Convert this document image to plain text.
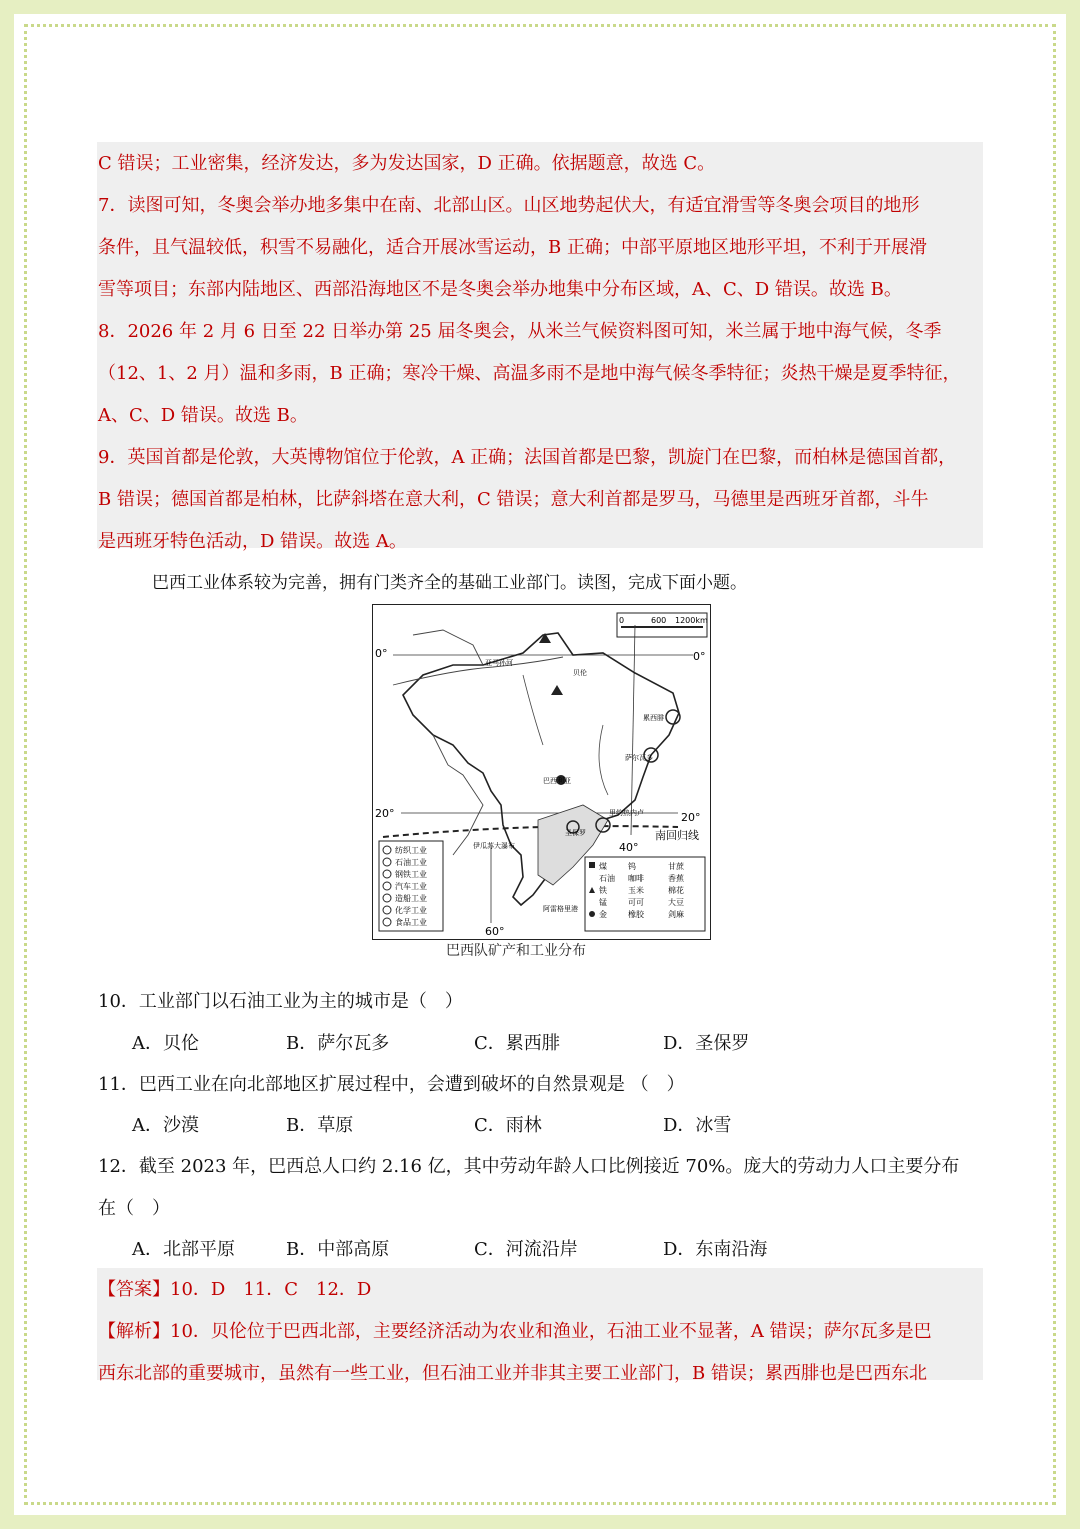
C 错误；工业密集，经济发达，多为发达国家，D 正确。依据题意，故选 C。
7．读图可知，冬奥会举办地多集中在南、北部山区。山区地势起伏大，有适宜滑雪等冬奥会项目的地形
条件，且气温较低，积雪不易融化，适合开展冰雪运动，B 正确；中部平原地区地形平坦，不利于开展滑
雪等项目；东部内陆地区、西部沿海地区不是冬奥会举办地集中分布区域，A、C、D 错误。故选 B。
8．2026 年 2 月 6 日至 22 日举办第 25 届冬奥会，从米兰气候资料图可知，米兰属于地中海气候，冬季
（12、1、2 月）温和多雨，B 正确；寒冷干燥、高温多雨不是地中海气候冬季特征；炎热干燥是夏季特征，
A、C、D 错误。故选 B。
9．英国首都是伦敦，大英博物馆位于伦敦，A 正确；法国首都是巴黎，凯旋门在巴黎，而柏林是德国首都，
B 错误；德国首都是柏林，比萨斜塔在意大利，C 错误；意大利首都是罗马，马德里是西班牙首都，斗牛
是西班牙特色活动，D 错误。故选 A。
巴西工业体系较为完善，拥有门类齐全的基础工业部门。读图，完成下面小题。
0	600 1200km
0°	0°
20°	20°
南回归线
40°
60°
亚马孙河
贝伦
累西腓
萨尔瓦多
巴西利亚
圣保罗
里约热内卢
阿雷格里港
伊瓜苏大瀑布
纺织工业
石油工业
钢铁工业
汽车工业
造船工业
化学工业
食品工业
煤	钨	甘蔗
石油 咖啡	香蕉
铁	玉米	棉花
锰	可可	大豆
金	橡胶	剑麻
巴西队矿产和工业分布
10．工业部门以石油工业为主的城市是（　）
A．贝伦	B．萨尔瓦多	C．累西腓	D．圣保罗
11．巴西工业在向北部地区扩展过程中，会遭到破坏的自然景观是 （　）
A．沙漠	B．草原	C．雨林	D．冰雪
12．截至 2023 年，巴西总人口约 2.16 亿，其中劳动年龄人口比例接近 70%。庞大的劳动力人口主要分布
在（　）
A．北部平原	B．中部高原	C．河流沿岸	D．东南沿海
【答案】10．D　11．C　12．D
【解析】10．贝伦位于巴西北部，主要经济活动为农业和渔业，石油工业不显著，A 错误；萨尔瓦多是巴
西东北部的重要城市，虽然有一些工业，但石油工业并非其主要工业部门，B 错误；累西腓也是巴西东北
